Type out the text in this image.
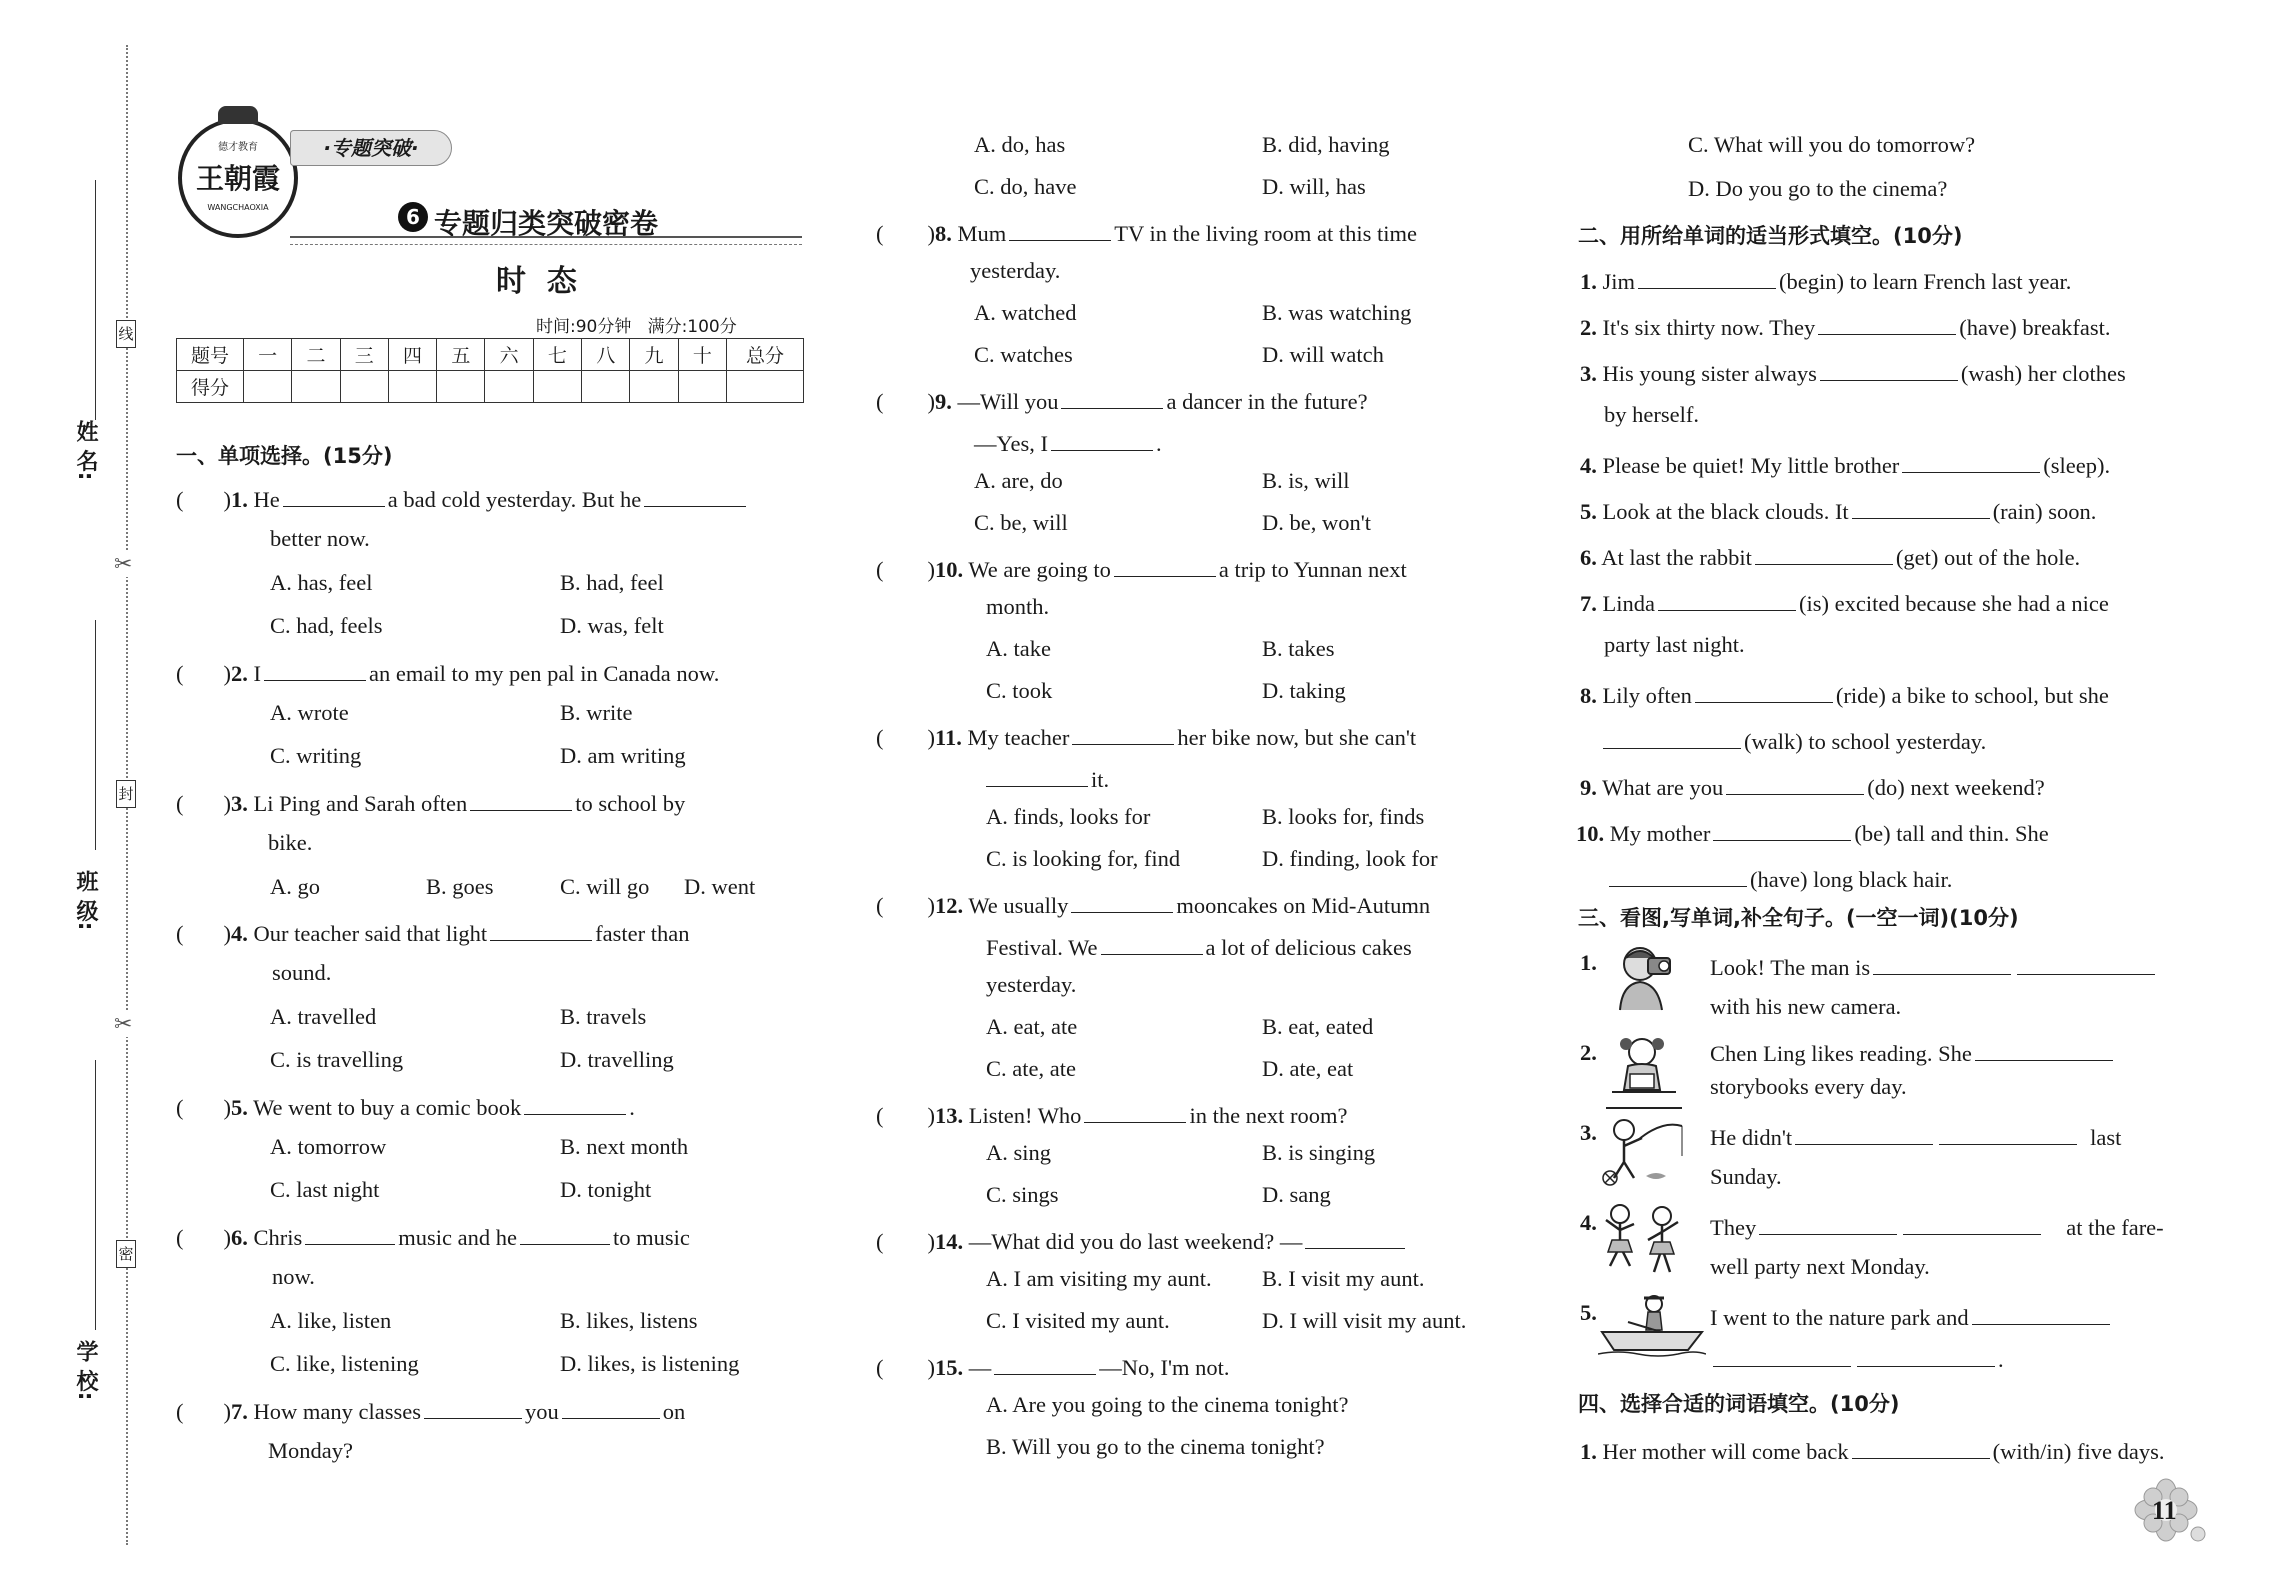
姓 名:
班 级:
学 校:
线
封
密
✂
✂
德才教育
王朝霞
WANGCHAOXIA
·专题突破·
6 专题归类突破密卷
时  态
时间:90分钟   满分:100分
题号	一	二	三	四	五	六	七	八	九	十	总分
得分											
一、单项选择。(15分)
( )1. He	a bad cold yesterday. But he
better now.
A. has, feel	B. had, feel
C. had, feels	D. was, felt
( )2. I	an email to my pen pal in Canada now.
A. wrote	B. write
C. writing	D. am writing
( )3. Li Ping and Sarah often	to school by
bike.
A. go	B. goes	C. will go D. went
( )4. Our teacher said that light	faster than
sound.
A. travelled	B. travels
C. is travelling	D. travelling
( )5. We went to buy a comic book	.
A. tomorrow	B. next month
C. last night	D. tonight
( )6. Chris	music and he	to music
now.
A. like, listen	B. likes, listens
C. like, listening	D. likes, is listening
( )7. How many classes	you	on
Monday?
A. do, has	B. did, having
C. do, have	D. will, has
( )8. Mum	TV in the living room at this time
yesterday.
A. watched	B. was watching
C. watches	D. will watch
( )9. —Will you	a dancer in the future?
—Yes, I	.
A. are, do	B. is, will
C. be, will	D. be, won't
( )10. We are going to	a trip to Yunnan next
month.
A. take	B. takes
C. took	D. taking
( )11. My teacher	her bike now, but she can't
it.
A. finds, looks for	B. looks for, finds
C. is looking for, find	D. finding, look for
( )12. We usually	mooncakes on Mid-Autumn
Festival. We	a lot of delicious cakes
yesterday.
A. eat, ate	B. eat, eated
C. ate, ate	D. ate, eat
( )13. Listen! Who	in the next room?
A. sing	B. is singing
C. sings	D. sang
( )14. —What did you do last weekend? —
A. I am visiting my aunt. B. I visit my aunt.
C. I visited my aunt.	D. I will visit my aunt.
( )15. —	—No, I'm not.
A. Are you going to the cinema tonight?
B. Will you go to the cinema tonight?
C. What will you do tomorrow?
D. Do you go to the cinema?
二、用所给单词的适当形式填空。(10分)
1. Jim	(begin) to learn French last year.
2. It's six thirty now. They	(have) breakfast.
3. His young sister always	(wash) her clothes
by herself.
4. Please be quiet! My little brother	(sleep).
5. Look at the black clouds. It	(rain) soon.
6. At last the rabbit	(get) out of the hole.
7. Linda	(is) excited because she had a nice
party last night.
8. Lily often	(ride) a bike to school, but she
(walk) to school yesterday.
9. What are you	(do) next weekend?
10. My mother	(be) tall and thin. She
(have) long black hair.
三、看图,写单词,补全句子。(一空一词)(10分)
1.	Look! The man is
with his new camera.
2.	Chen Ling likes reading. She
storybooks every day.
3.	He didn't	last
Sunday.
4.	They	at the fare-
well party next Monday.
5.	I went to the nature park and
.
四、选择合适的词语填空。(10分)
1. Her mother will come back	(with/in) five days.
11
